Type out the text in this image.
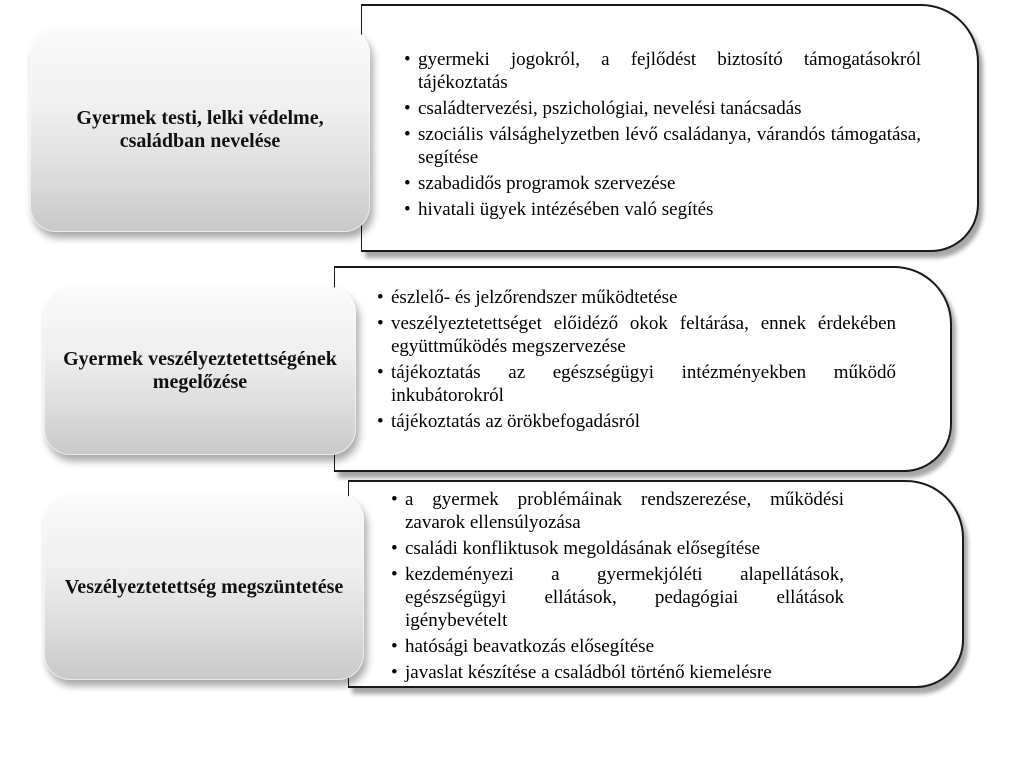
• gyermeki jogokról, a fejlődést biztosító támogatásokról tájékoztatás
• családtervezési, pszichológiai, nevelési tanácsadás
• szociális válsághelyzetben lévő családanya, várandós támogatása, segítése
• szabadidős programok szervezése
• hivatali ügyek intézésében való segítés
Gyermek testi, lelki védelme, családban nevelése
• észlelő- és jelzőrendszer működtetése
• veszélyeztetettséget előidéző okok feltárása, ennek érdekében együttműködés megszervezése
• tájékoztatás az egészségügyi intézményekben működő inkubátorokról
• tájékoztatás az örökbefogadásról
Gyermek veszélyeztetettségének megelőzése
• a gyermek problémáinak rendszerezése, működési zavarok ellensúlyozása
• családi konfliktusok megoldásának elősegítése
• kezdeményezi a gyermekjóléti alapellátások, egészségügyi ellátások, pedagógiai ellátások igénybevételt
• hatósági beavatkozás elősegítése
• javaslat készítése a családból történő kiemelésre
Veszélyeztetettség megszüntetése
